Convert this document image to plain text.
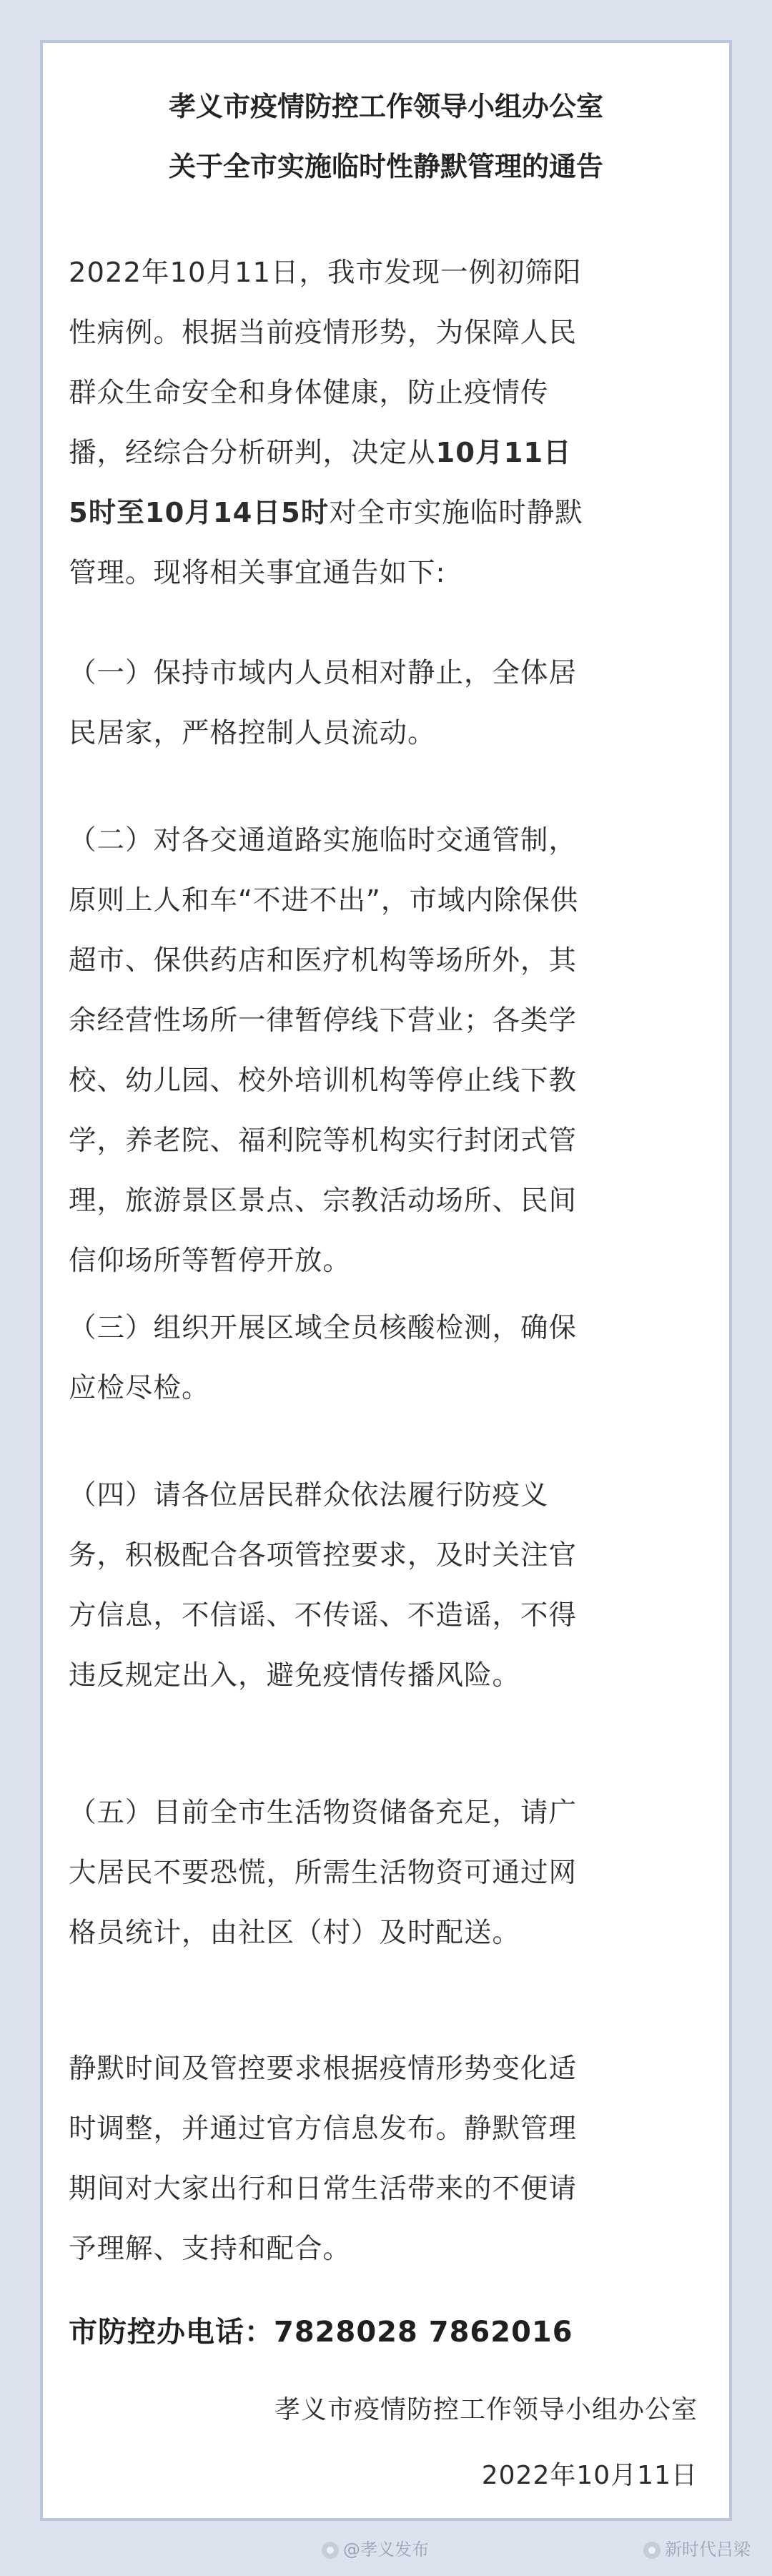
孝义市疫情防控工作领导小组办公室
关于全市实施临时性静默管理的通告
2022年10月11日，我市发现一例初筛阳
性病例。根据当前疫情形势，为保障人民
群众生命安全和身体健康，防止疫情传
播，经综合分析研判，决定从10月11日
5时至10月14日5时对全市实施临时静默
管理。现将相关事宜通告如下:
（一）保持市域内人员相对静止，全体居
民居家，严格控制人员流动。
（二）对各交通道路实施临时交通管制，
原则上人和车“不进不出”，市域内除保供
超市、保供药店和医疗机构等场所外，其
余经营性场所一律暂停线下营业；各类学
校、幼儿园、校外培训机构等停止线下教
学，养老院、福利院等机构实行封闭式管
理，旅游景区景点、宗教活动场所、民间
信仰场所等暂停开放。
（三）组织开展区域全员核酸检测，确保
应检尽检。
（四）请各位居民群众依法履行防疫义
务，积极配合各项管控要求，及时关注官
方信息，不信谣、不传谣、不造谣，不得
违反规定出入，避免疫情传播风险。
（五）目前全市生活物资储备充足，请广
大居民不要恐慌，所需生活物资可通过网
格员统计，由社区（村）及时配送。
静默时间及管控要求根据疫情形势变化适
时调整，并通过官方信息发布。静默管理
期间对大家出行和日常生活带来的不便请
予理解、支持和配合。
市防控办电话：7828028 7862016
孝义市疫情防控工作领导小组办公室
2022年10月11日
@孝义发布	新时代吕梁
